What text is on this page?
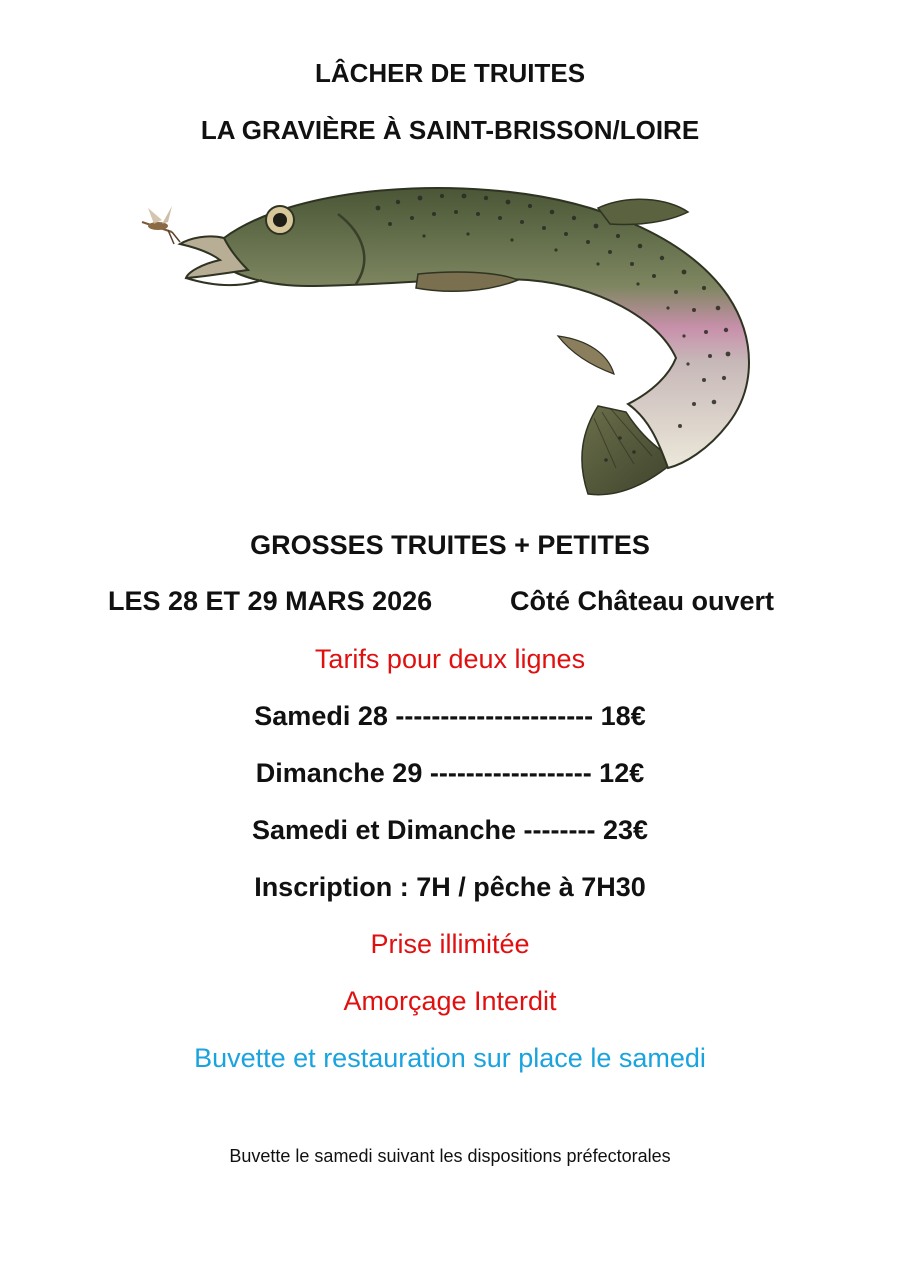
LÂCHER DE TRUITES
LA GRAVIÈRE À SAINT-BRISSON/LOIRE
GROSSES TRUITES + PETITES
LES 28 ET 29 MARS 2026	Côté Château ouvert
Tarifs pour deux lignes
Samedi 28 ---------------------- 18€
Dimanche 29 ------------------ 12€
Samedi et Dimanche -------- 23€
Inscription : 7H / pêche à 7H30
Prise illimitée
Amorçage Interdit
Buvette et restauration sur place le samedi
Buvette le samedi suivant les dispositions préfectorales
